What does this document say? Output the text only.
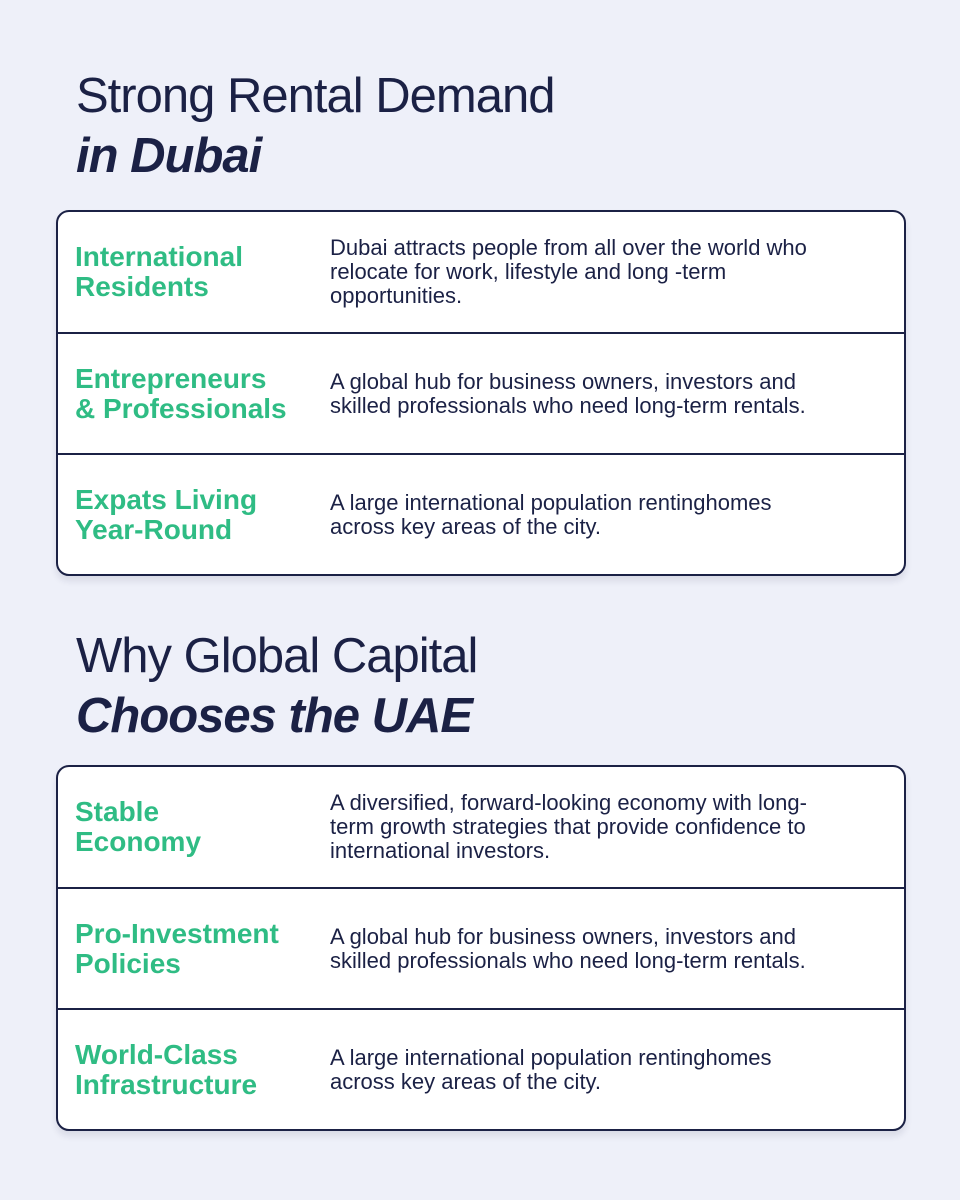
Strong Rental Demand
in Dubai
International
Residents
Dubai attracts people from all over the world who
relocate for work, lifestyle and long -term
opportunities.
Entrepreneurs
& Professionals
A global hub for business owners, investors and
skilled professionals who need long-term rentals.
Expats Living
Year-Round
A large international population rentinghomes
across key areas of the city.
Why Global Capital
Chooses the UAE
Stable
Economy
A diversified, forward-looking economy with long-
term growth strategies that provide confidence to
international investors.
Pro-Investment
Policies
A global hub for business owners, investors and
skilled professionals who need long-term rentals.
World-Class
Infrastructure
A large international population rentinghomes
across key areas of the city.
